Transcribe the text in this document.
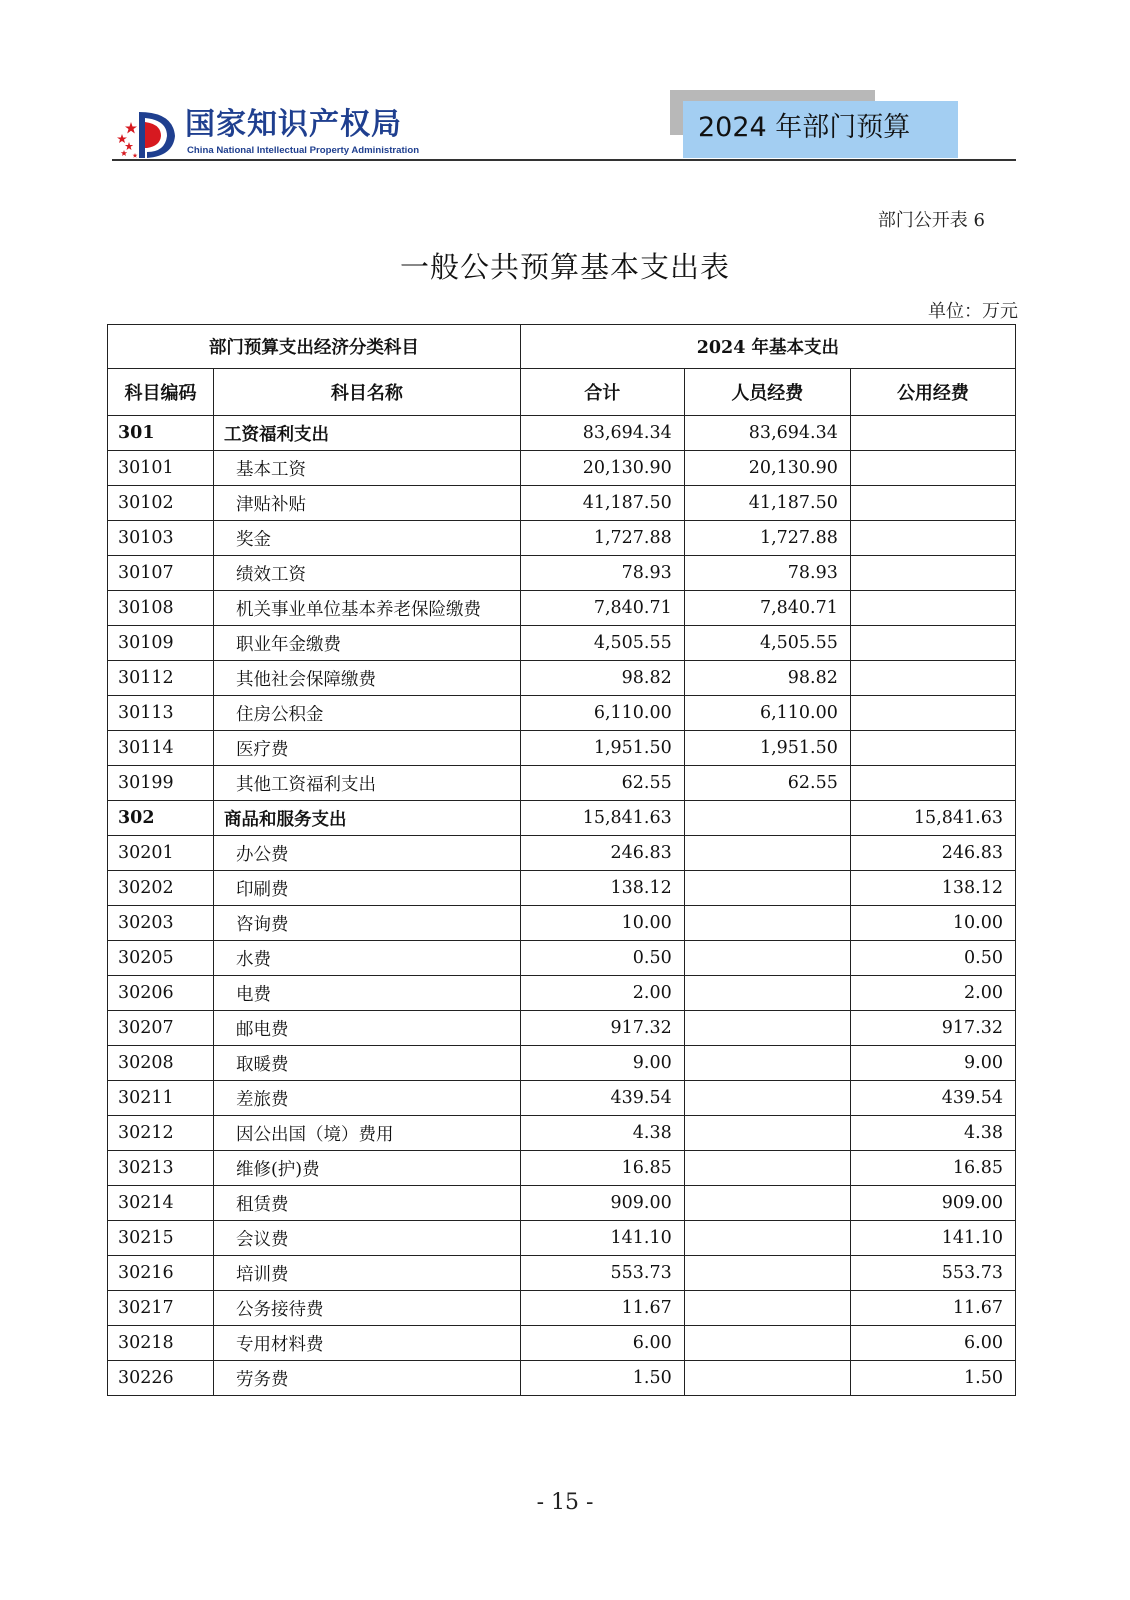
国家知识产权局
China National Intellectual Property Administration
2024 年部门预算
部门公开表 6
一般公共预算基本支出表
单位：万元
部门预算支出经济分类科目		2024 年基本支出		
科目编码	科目名称	合计	人员经费	公用经费
301	工资福利支出	83,694.34	83,694.34	
30101	基本工资	20,130.90	20,130.90	
30102	津贴补贴	41,187.50	41,187.50	
30103	奖金	1,727.88	1,727.88	
30107	绩效工资	78.93	78.93	
30108	机关事业单位基本养老保险缴费	7,840.71	7,840.71	
30109	职业年金缴费	4,505.55	4,505.55	
30112	其他社会保障缴费	98.82	98.82	
30113	住房公积金	6,110.00	6,110.00	
30114	医疗费	1,951.50	1,951.50	
30199	其他工资福利支出	62.55	62.55	
302	商品和服务支出	15,841.63		15,841.63
30201	办公费	246.83		246.83
30202	印刷费	138.12		138.12
30203	咨询费	10.00		10.00
30205	水费	0.50		0.50
30206	电费	2.00		2.00
30207	邮电费	917.32		917.32
30208	取暖费	9.00		9.00
30211	差旅费	439.54		439.54
30212	因公出国（境）费用	4.38		4.38
30213	维修(护)费	16.85		16.85
30214	租赁费	909.00		909.00
30215	会议费	141.10		141.10
30216	培训费	553.73		553.73
30217	公务接待费	11.67		11.67
30218	专用材料费	6.00		6.00
30226	劳务费	1.50		1.50
- 15 -
